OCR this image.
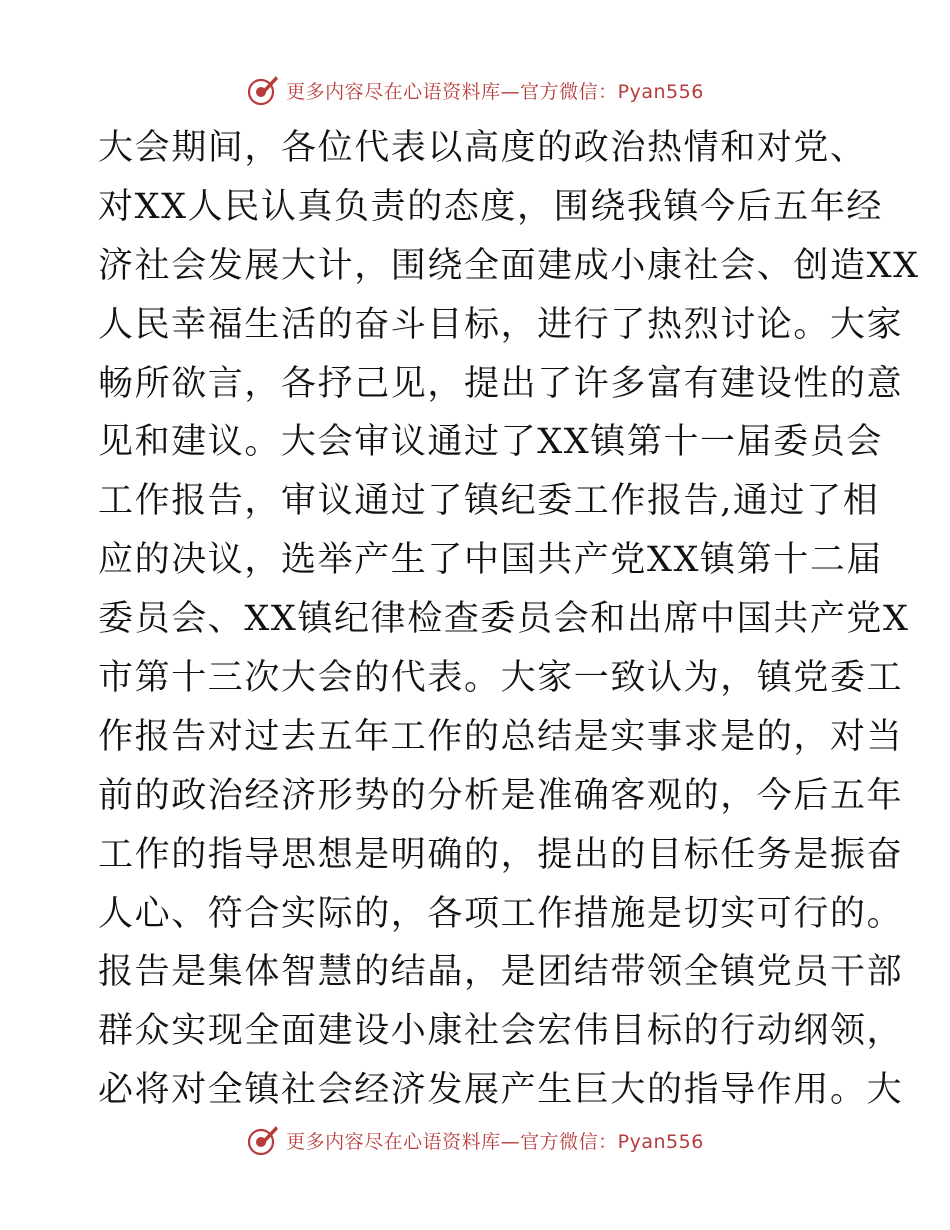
更多内容尽在心语资料库—官方微信：Pyan556
大会期间，各位代表以高度的政治热情和对党、
对XX人民认真负责的态度，围绕我镇今后五年经
济社会发展大计，围绕全面建成小康社会、创造XX
人民幸福生活的奋斗目标，进行了热烈讨论。大家
畅所欲言，各抒己见，提出了许多富有建设性的意
见和建议。大会审议通过了XX镇第十一届委员会
工作报告，审议通过了镇纪委工作报告,通过了相
应的决议，选举产生了中国共产党XX镇第十二届
委员会、XX镇纪律检查委员会和出席中国共产党X
市第十三次大会的代表。大家一致认为，镇党委工
作报告对过去五年工作的总结是实事求是的，对当
前的政治经济形势的分析是准确客观的，今后五年
工作的指导思想是明确的，提出的目标任务是振奋
人心、符合实际的，各项工作措施是切实可行的。
报告是集体智慧的结晶，是团结带领全镇党员干部
群众实现全面建设小康社会宏伟目标的行动纲领，
必将对全镇社会经济发展产生巨大的指导作用。大
更多内容尽在心语资料库—官方微信：Pyan556
